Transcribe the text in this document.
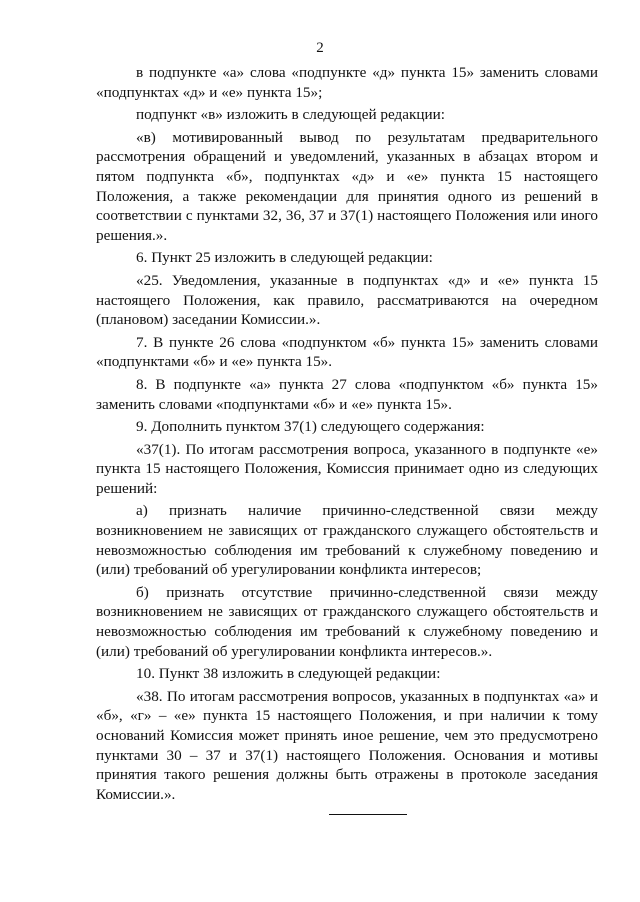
2

в подпункте «а» слова «подпункте «д» пункта 15» заменить словами «подпунктах «д» и «е» пункта 15»;

подпункт «в» изложить в следующей редакции:

«в) мотивированный вывод по результатам предварительного рассмотрения обращений и уведомлений, указанных в абзацах втором и пятом подпункта «б», подпунктах «д» и «е» пункта 15 настоящего Положения, а также рекомендации для принятия одного из решений в соответствии с пунктами 32, 36, 37 и 37(1) настоящего Положения или иного решения.».

6. Пункт 25 изложить в следующей редакции:

«25. Уведомления, указанные в подпунктах «д» и «е» пункта 15 настоящего Положения, как правило, рассматриваются на очередном (плановом) заседании Комиссии.».

7. В пункте 26 слова «подпунктом «б» пункта 15» заменить словами «подпунктами «б» и «е» пункта 15».

8. В подпункте «а» пункта 27 слова «подпунктом «б» пункта 15» заменить словами «подпунктами «б» и «е» пункта 15».

9. Дополнить пунктом 37(1) следующего содержания:

«37(1). По итогам рассмотрения вопроса, указанного в подпункте «е» пункта 15 настоящего Положения, Комиссия принимает одно из следующих решений:

а) признать наличие причинно-следственной связи между возникновением не зависящих от гражданского служащего обстоятельств и невозможностью соблюдения им требований к служебному поведению и (или) требований об урегулировании конфликта интересов;

б) признать отсутствие причинно-следственной связи между возникновением не зависящих от гражданского служащего обстоятельств и невозможностью соблюдения им требований к служебному поведению и (или) требований об урегулировании конфликта интересов.».

10. Пункт 38 изложить в следующей редакции:

«38. По итогам рассмотрения вопросов, указанных в подпунктах «а» и «б», «г» – «е» пункта 15 настоящего Положения, и при наличии к тому оснований Комиссия может принять иное решение, чем это предусмотрено пунктами 30 – 37 и 37(1) настоящего Положения. Основания и мотивы принятия такого решения должны быть отражены в протоколе заседания Комиссии.».
